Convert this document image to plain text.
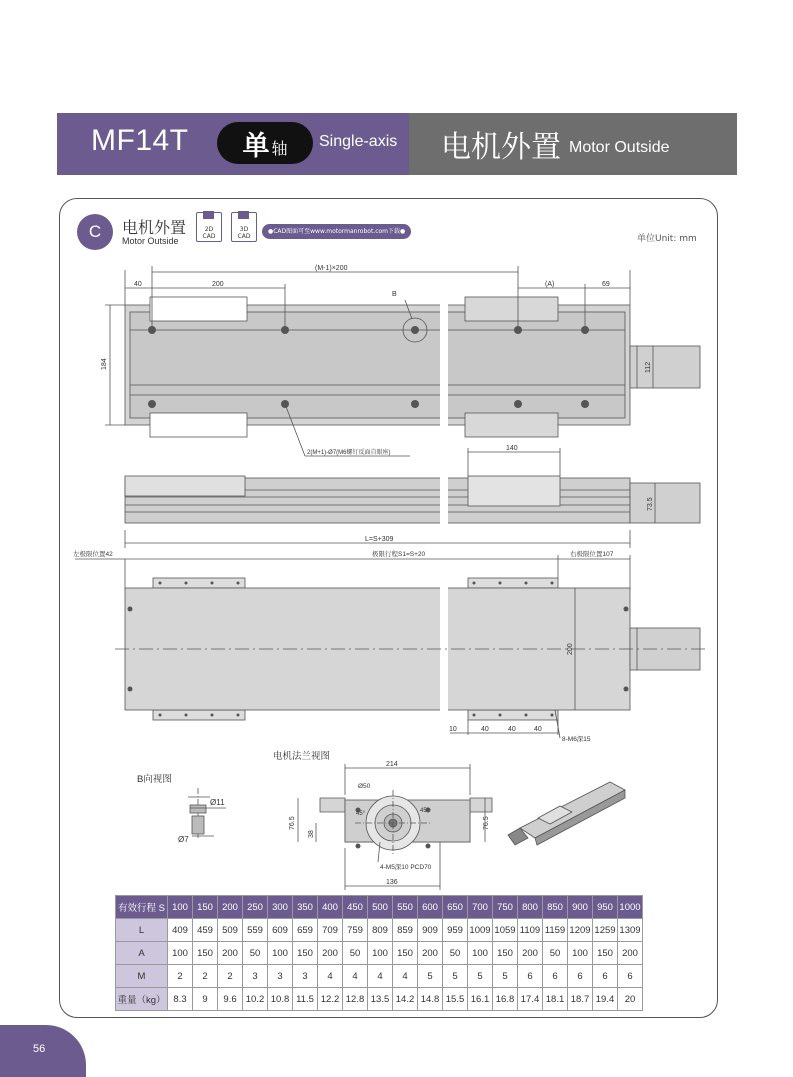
MF14T 单 轴 Single-axis 电机外置 Motor Outside
C	电机外置
Motor Outside
2D
CAD
3D
CAD
●CAD图面可至www.motormanrobot.com下载●
单位Unit: mm
(M-1)×200
40	200
B
(A)	69
184	112
2(M+1)-Ø7(M6螺钉反面自眼座)
140
73.5
L=S+309
左极限位置42	极限行程S1=S+20	右极限位置107
200
10	40	40	40
8-M6深15
电机法兰视图
214
Ø50
45°	45°
76.5
38
76.5
4-M5深10 PCD70
136
B向视图
Ø11
Ø7
有效行程 S	100	150	200	250	300	350	400	450	500	550	600	650	700	750	800	850	900	950	1000
L	409	459	509	559	609	659	709	759	809	859	909	959	1009	1059	1109	1159	1209	1259	1309
A	100	150	200	50	100	150	200	50	100	150	200	50	100	150	200	50	100	150	200
M	2	2	2	3	3	3	4	4	4	4	5	5	5	5	6	6	6	6	6
重量（kg）	8.3	9	9.6	10.2	10.8	11.5	12.2	12.8	13.5	14.2	14.8	15.5	16.1	16.8	17.4	18.1	18.7	19.4	20
56
